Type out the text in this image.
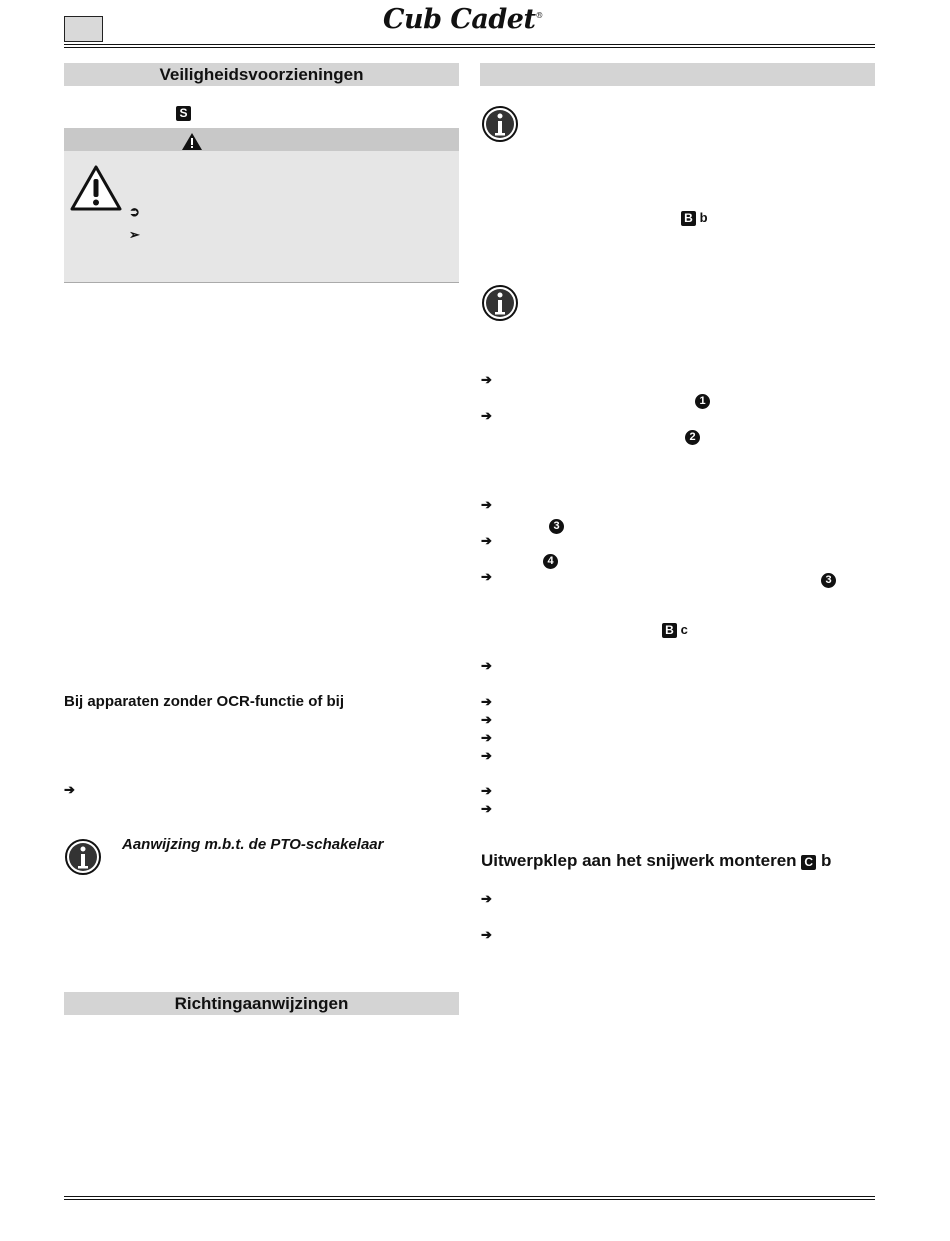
Cub Cadet®
Veiligheidsvoorzieningen
S
➲
➢
Bij apparaten zonder OCR-functie of bij
➔
Aanwijzing m.b.t. de PTO-schakelaar
Richtingaanwijzingen
B b
➔
1
➔
2
➔
3
➔
4
➔	3
B c
➔
➔
➔
➔
➔
➔
➔
Uitwerpklep aan het snijwerk monteren C b
➔
➔
